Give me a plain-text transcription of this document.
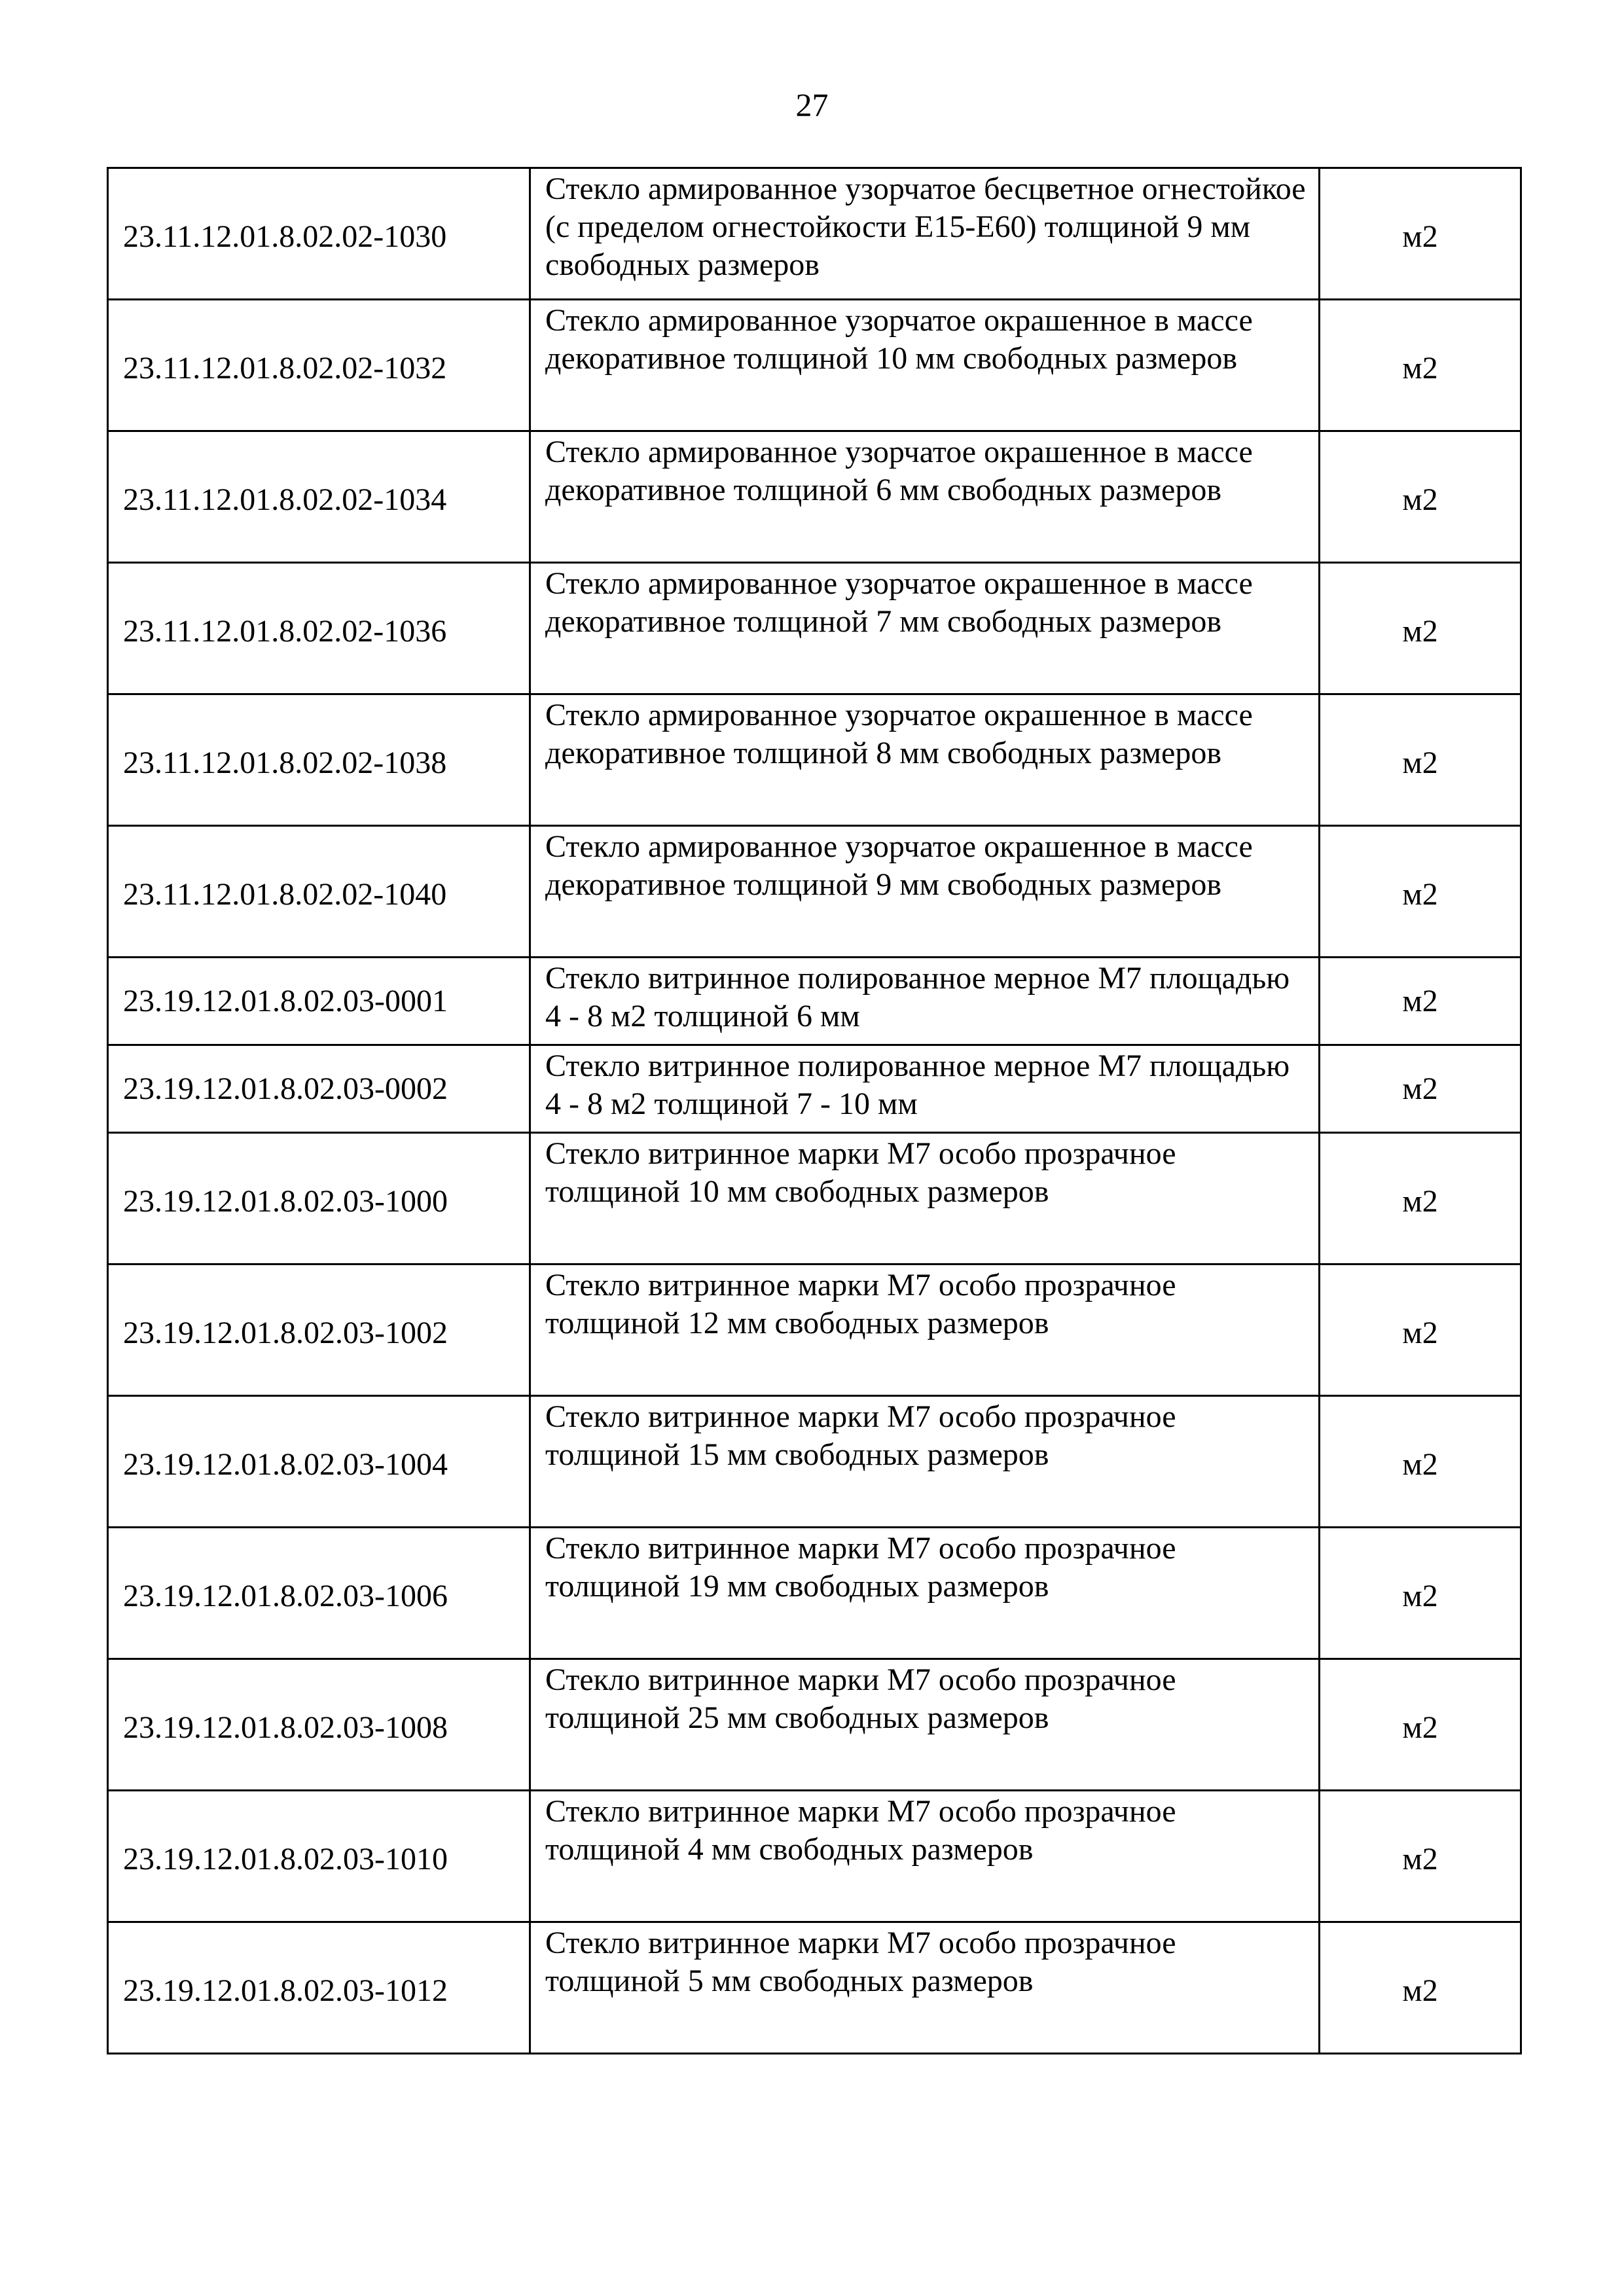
27
23.11.12.01.8.02.02-1030	Стекло армированное узорчатое бесцветное огнестойкое (с пределом огнестойкости E15-E60) толщиной 9 мм свободных размеров	м2
23.11.12.01.8.02.02-1032	Стекло армированное узорчатое окрашенное в массе декоративное толщиной 10 мм свободных размеров	м2
23.11.12.01.8.02.02-1034	Стекло армированное узорчатое окрашенное в массе декоративное толщиной 6 мм свободных размеров	м2
23.11.12.01.8.02.02-1036	Стекло армированное узорчатое окрашенное в массе декоративное толщиной 7 мм свободных размеров	м2
23.11.12.01.8.02.02-1038	Стекло армированное узорчатое окрашенное в массе декоративное толщиной 8 мм свободных размеров	м2
23.11.12.01.8.02.02-1040	Стекло армированное узорчатое окрашенное в массе декоративное толщиной 9 мм свободных размеров	м2
23.19.12.01.8.02.03-0001	Стекло витринное полированное мерное М7 площадью 4 - 8 м2 толщиной 6 мм	м2
23.19.12.01.8.02.03-0002	Стекло витринное полированное мерное М7 площадью 4 - 8 м2 толщиной 7 - 10 мм	м2
23.19.12.01.8.02.03-1000	Стекло витринное марки М7 особо прозрачное толщиной 10 мм свободных размеров	м2
23.19.12.01.8.02.03-1002	Стекло витринное марки М7 особо прозрачное толщиной 12 мм свободных размеров	м2
23.19.12.01.8.02.03-1004	Стекло витринное марки М7 особо прозрачное толщиной 15 мм свободных размеров	м2
23.19.12.01.8.02.03-1006	Стекло витринное марки М7 особо прозрачное толщиной 19 мм свободных размеров	м2
23.19.12.01.8.02.03-1008	Стекло витринное марки М7 особо прозрачное толщиной 25 мм свободных размеров	м2
23.19.12.01.8.02.03-1010	Стекло витринное марки М7 особо прозрачное толщиной 4 мм свободных размеров	м2
23.19.12.01.8.02.03-1012	Стекло витринное марки М7 особо прозрачное толщиной 5 мм свободных размеров	м2
